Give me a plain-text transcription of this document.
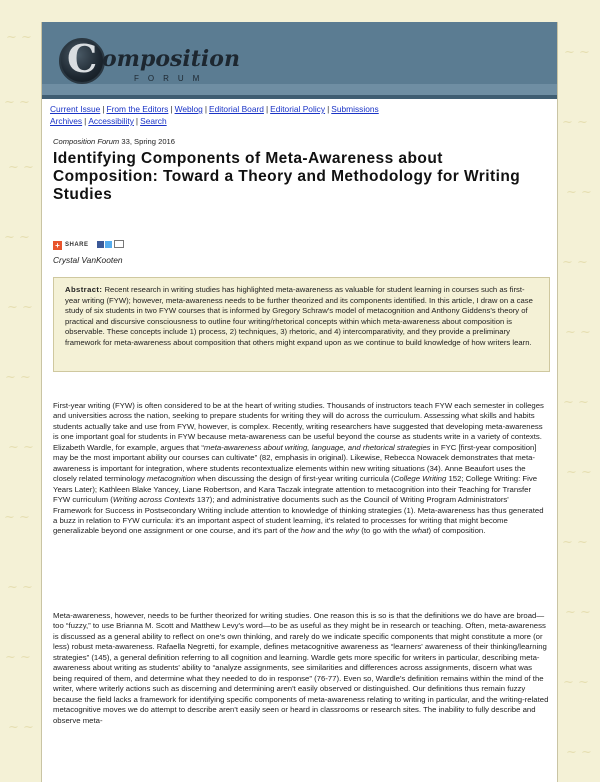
~ ~
~ ~
~ ~
~ ~
~ ~
~ ~
~ ~
~ ~
~ ~
~ ~
~ ~
~ ~
~ ~
~ ~
~ ~
~ ~
~ ~
~ ~
~ ~
~ ~
~ ~
~ ~
C omposition
FORUM
Current Issue | From the Editors | Weblog | Editorial Board | Editorial Policy | Submissions
Archives | Accessibility | Search
Composition Forum 33, Spring 2016
Identifying Components of Meta-Awareness about Composition: Toward a Theory and Methodology for Writing Studies
+ SHARE

Crystal VanKooten
Abstract: Recent research in writing studies has highlighted meta-awareness as valuable for student learning in courses such as first-year writing (FYW); however, meta-awareness needs to be further theorized and its components identified. In this article, I draw on a case study of six students in two FYW courses that is informed by Gregory Schraw's model of metacognition and Anthony Giddens's theory of practical and discursive consciousness to outline four writing/rhetorical concepts within which meta-awareness about composition is observable. These concepts include 1) process, 2) techniques, 3) rhetoric, and 4) intercomparativity, and they provide a preliminary framework for meta-awareness about composition that others might expand upon as we continue to build knowledge of how writers learn.

First-year writing (FYW) is often considered to be at the heart of writing studies. Thousands of instructors teach FYW each semester in colleges and universities across the nation, seeking to prepare students for writing they will do across the curriculum. Assessing what skills and habits students actually take and use from FYW, however, is complex. Recently, writing researchers have suggested that developing meta-awareness is one important goal for students in FYW because meta-awareness can be useful beyond the course as students write in a variety of contexts. Elizabeth Wardle, for example, argues that “meta-awareness about writing, language, and rhetorical strategies in FYC [first-year composition] may be the most important ability our courses can cultivate” (82, emphasis in original). Likewise, Rebecca Nowacek demonstrates that meta-awareness is important for integration, where students recontextualize elements within new writing situations (34). Anne Beaufort uses the closely related terminology metacognition when discussing the design of first-year writing curricula (College Writing 152; College Writing: Five Years Later); Kathleen Blake Yancey, Liane Robertson, and Kara Taczak integrate attention to metacognition into their Teaching for Transfer FYW curriculum (Writing across Contexts 137); and administrative documents such as the Council of Writing Program Administrators' Framework for Success in Postsecondary Writing include attention to knowledge of thinking strategies (1). Meta-awareness has thus generated a buzz in relation to FYW curricula: it's an important aspect of student learning, it's related to processes for writing that might become generalizable beyond one assignment or one course, and it's part of the how and the why (to go with the what) of composition.

Meta-awareness, however, needs to be further theorized for writing studies. One reason this is so is that the definitions we do have are broad—too “fuzzy,” to use Brianna M. Scott and Matthew Levy's word—to be as useful as they might be in research or teaching. Often, meta-awareness is discussed as a general ability to reflect on one's own thinking, and rarely do we indicate specific components that might constitute a more (or less) robust meta-awareness. Rafaella Negretti, for example, defines metacognitive awareness as “learners' awareness of their thinking/learning strategies” (145), a general definition referring to all cognition and learning. Wardle gets more specific for writers in particular, describing meta-awareness about writing as students' ability to “analyze assignments, see similarities and differences across assignments, discern what was being required of them, and determine what they needed to do in response” (76-77). Even so, Wardle's definition remains within the mind of the writer, where writerly actions such as discerning and determining aren't easily observed or distinguished. Our definitions thus remain fuzzy because the field lacks a framework for identifying specific components of meta-awareness relating to writing in particular, and the writing-related metacognitive moves we do attempt to describe aren't easily seen or heard in classrooms or research sites. The inability to fully describe and observe meta-
